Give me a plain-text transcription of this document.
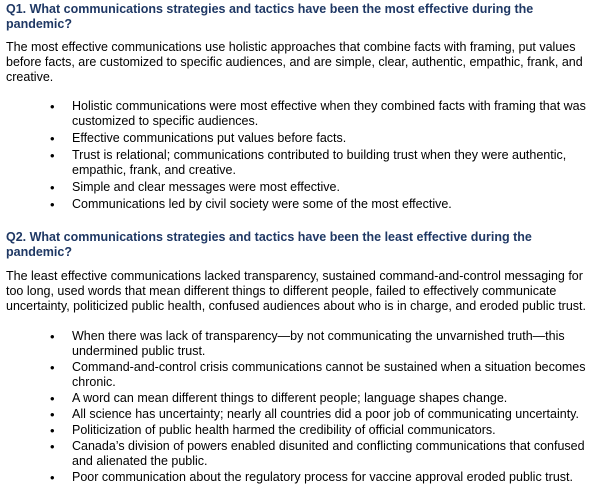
Q1. What communications strategies and tactics have been the most effective during the pandemic?

The most effective communications use holistic approaches that combine facts with framing, put values before facts, are customized to specific audiences, and are simple, clear, authentic, empathic, frank, and creative.

• Holistic communications were most effective when they combined facts with framing that was customized to specific audiences.
• Effective communications put values before facts.
• Trust is relational; communications contributed to building trust when they were authentic, empathic, frank, and creative.
• Simple and clear messages were most effective.
• Communications led by civil society were some of the most effective.

Q2. What communications strategies and tactics have been the least effective during the pandemic?

The least effective communications lacked transparency, sustained command-and-control messaging for too long, used words that mean different things to different people, failed to effectively communicate uncertainty, politicized public health, confused audiences about who is in charge, and eroded public trust.

• When there was lack of transparency—by not communicating the unvarnished truth—this undermined public trust.
• Command-and-control crisis communications cannot be sustained when a situation becomes chronic.
• A word can mean different things to different people; language shapes change.
• All science has uncertainty; nearly all countries did a poor job of communicating uncertainty.
• Politicization of public health harmed the credibility of official communicators.
• Canada’s division of powers enabled disunited and conflicting communications that confused and alienated the public.
• Poor communication about the regulatory process for vaccine approval eroded public trust.
